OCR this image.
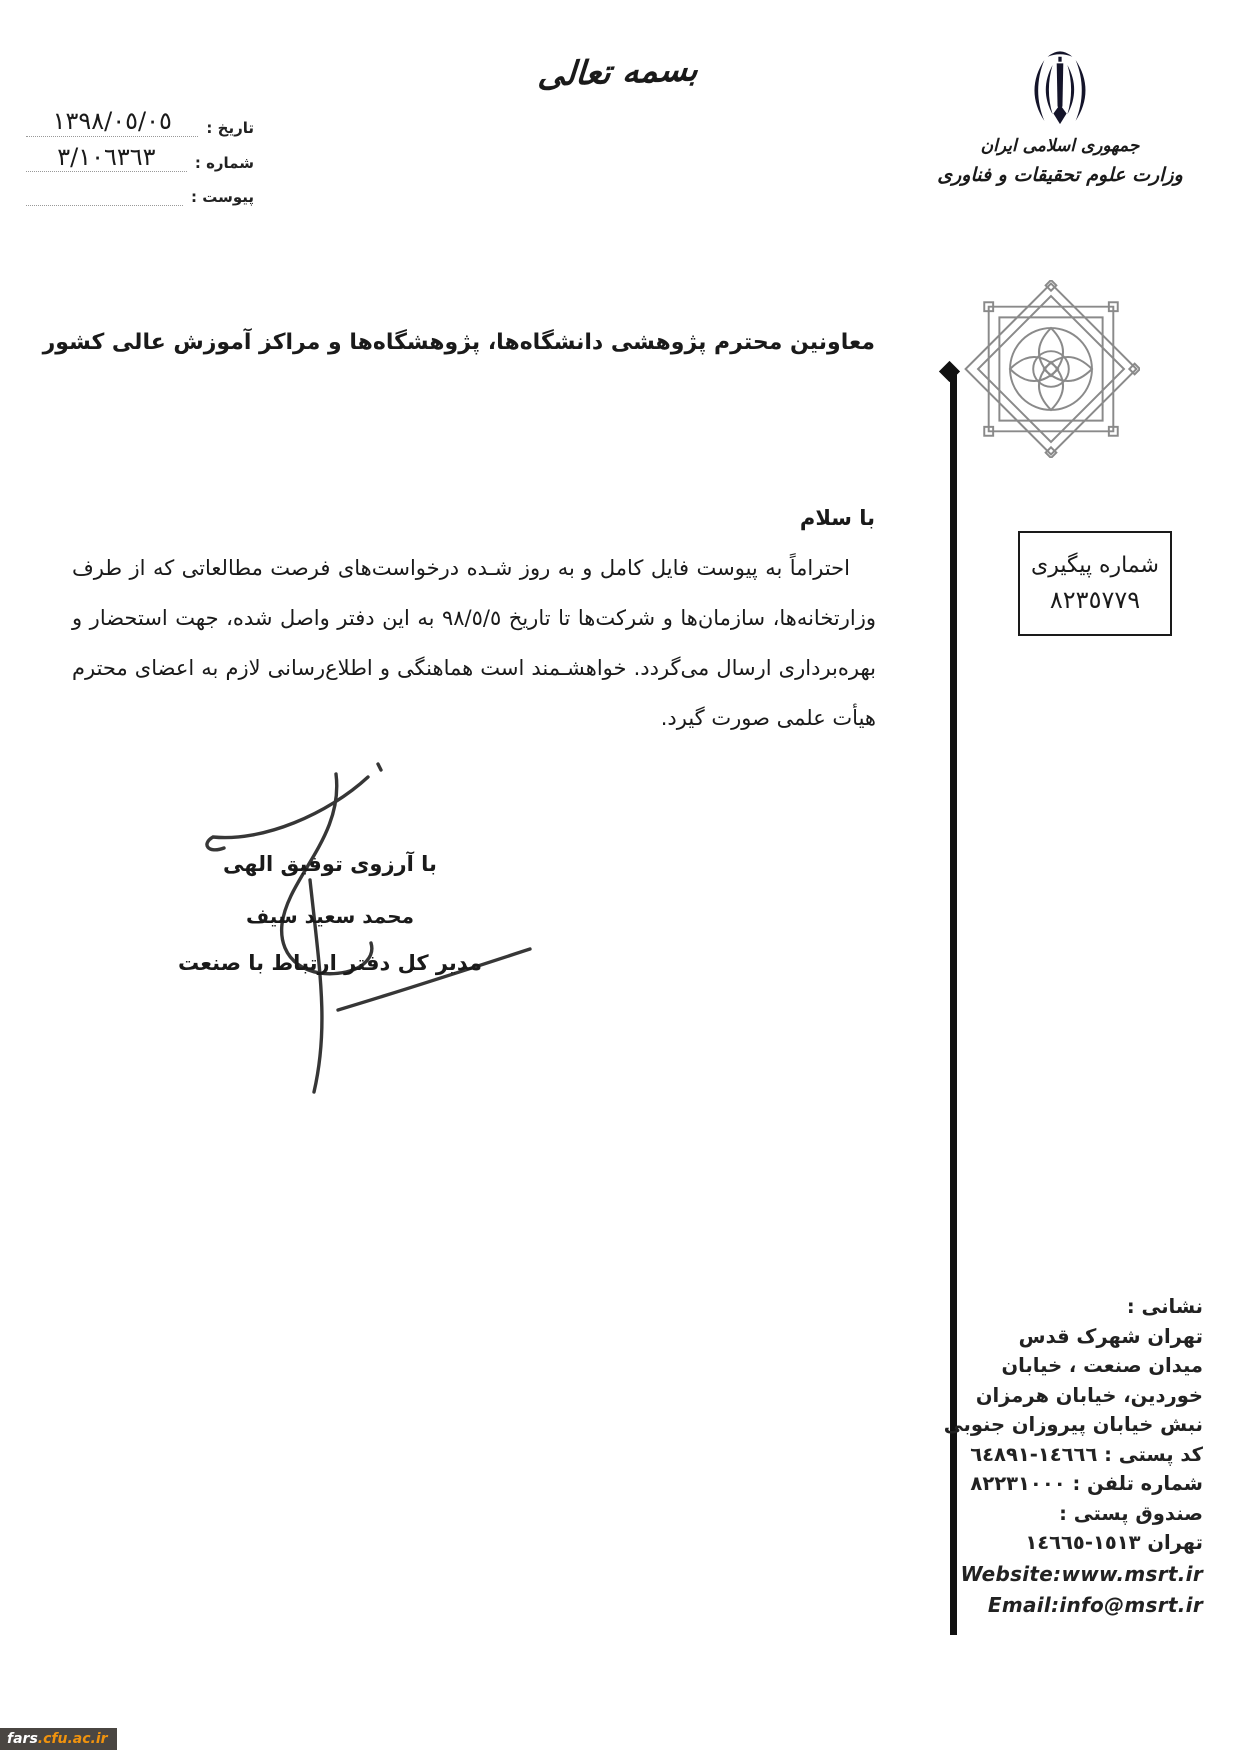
تاریخ :
١٣٩٨/٠٥/٠٥
شماره :
٣/١٠٦٣٦٣
پیوست :
بسمه تعالی
جمهوری اسلامی ایران
وزارت علوم تحقیقات و فناوری
معاونین محترم پژوهشی دانشگاه‌ها، پژوهشگاه‌ها و مراکز آموزش عالی کشور
با سلام
احتراماً به پیوست فایل کامل و به روز شـده درخواست‌های فرصت مطالعاتی که از طرف وزارتخانه‌ها، سازمان‌ها و شرکت‌ها تا تاریخ ٩٨/٥/٥ به این دفتر واصل شده، جهت استحضار و بهره‌برداری ارسال می‌گردد. خواهشـمند است هماهنگی و اطلاع‌رسانی لازم به اعضای محترم هیأت علمی صورت گیرد.
شماره پیگیری
٨٢٣٥٧٧٩
با آرزوی توفیق الهی
محمد سعید سیف
مدیر کل دفتر ارتباط با صنعت
نشانی :
تهران شهرک قدس
میدان صنعت ، خیابان
خوردین، خیابان هرمزان
نبش خیابان پیروزان جنوبی
کد پستی : ١٤٦٦٦-٦٤٨٩١
شماره تلفن : ٨٢٢٣١٠٠٠
صندوق پستی :
تهران ١٥١٣-١٤٦٦٥
Website:www.msrt.ir
Email:info@msrt.ir
fars .cfu.ac.ir
